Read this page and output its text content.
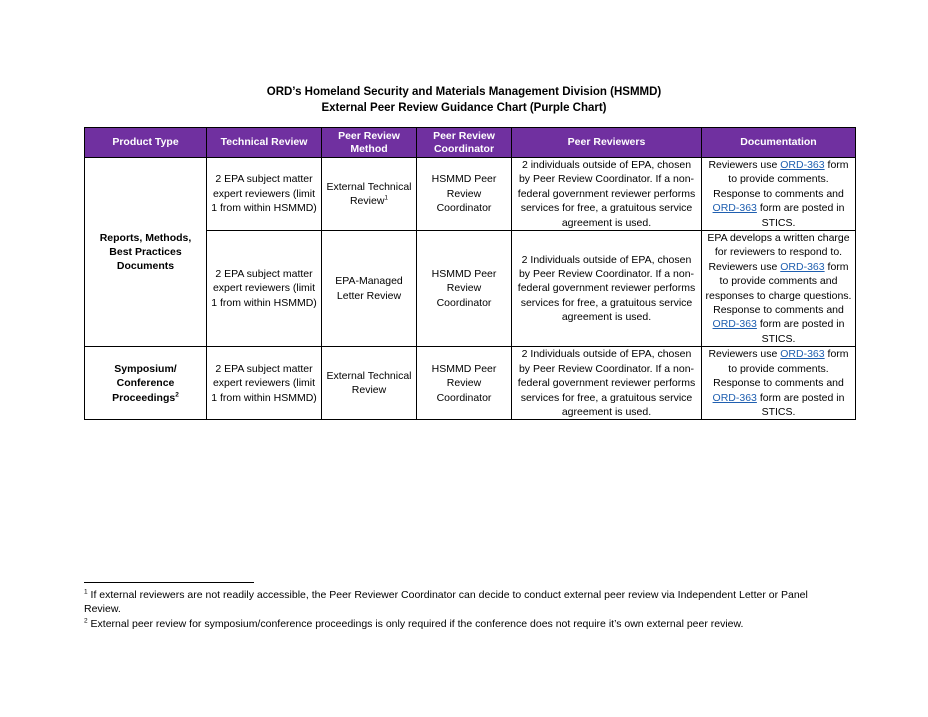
ORD’s Homeland Security and Materials Management Division (HSMMD)
External Peer Review Guidance Chart (Purple Chart)
Product Type	Technical Review	Peer Review Method	Peer Review Coordinator	Peer Reviewers	Documentation
Reports, Methods, Best Practices Documents	2 EPA subject matter expert reviewers (limit 1 from within HSMMD)	External Technical Review$^1$	HSMMD Peer Review Coordinator	2 individuals outside of EPA, chosen by Peer Review Coordinator. If a non-federal government reviewer performs services for free, a gratuitous service agreement is used.	Reviewers use ORD-363 form to provide comments. Response to comments and ORD-363 form are posted in STICS.
	2 EPA subject matter expert reviewers (limit 1 from within HSMMD)	EPA-Managed Letter Review	HSMMD Peer Review Coordinator	2 Individuals outside of EPA, chosen by Peer Review Coordinator. If a non-federal government reviewer performs services for free, a gratuitous service agreement is used.	EPA develops a written charge for reviewers to respond to. Reviewers use ORD-363 form to provide comments and responses to charge questions. Response to comments and ORD-363 form are posted in STICS.
Symposium/ Conference Proceedings$^2$	2 EPA subject matter expert reviewers (limit 1 from within HSMMD)	External Technical Review	HSMMD Peer Review Coordinator	2 Individuals outside of EPA, chosen by Peer Review Coordinator. If a non-federal government reviewer performs services for free, a gratuitous service agreement is used.	Reviewers use ORD-363 form to provide comments. Response to comments and ORD-363 form are posted in STICS.

$^1$ If external reviewers are not readily accessible, the Peer Reviewer Coordinator can decide to conduct external peer review via Independent Letter or Panel Review.

$^2$ External peer review for symposium/conference proceedings is only required if the conference does not require it’s own external peer review.
